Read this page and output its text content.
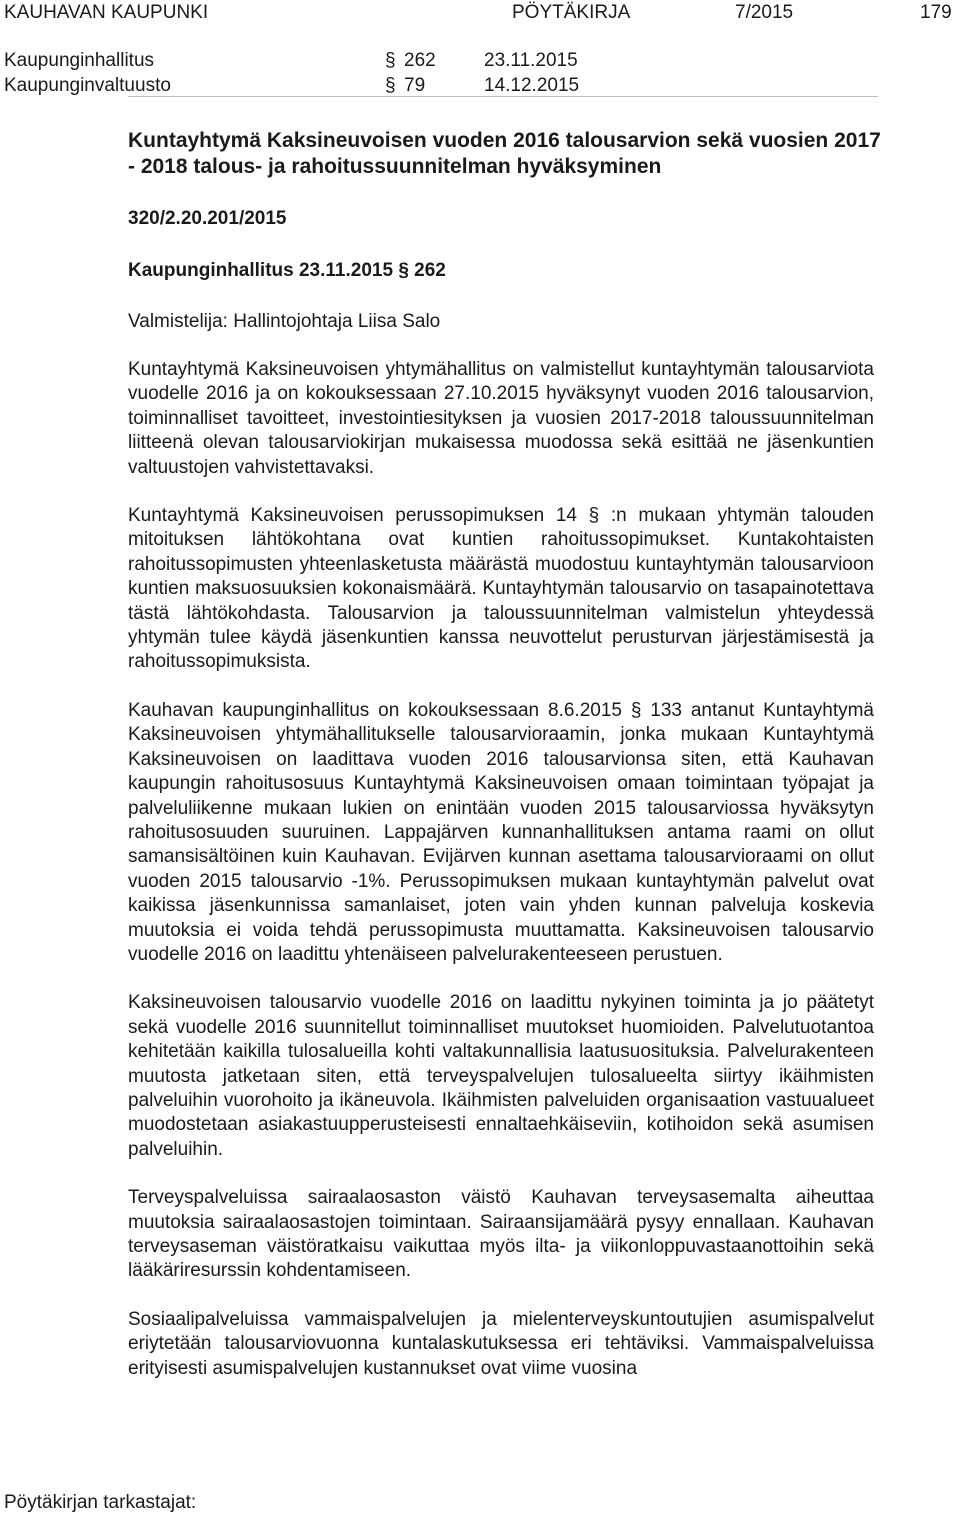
KAUHAVAN KAUPUNKI	PÖYTÄKIRJA	7/2015	179
Kaupunginhallitus	§ 262	23.11.2015
Kaupunginvaltuusto	§ 79	14.12.2015
Kuntayhtymä Kaksineuvoisen vuoden 2016 talousarvion sekä vuosien 2017 - 2018 talous- ja rahoitussuunnitelman hyväksyminen
320/2.20.201/2015
Kaupunginhallitus 23.11.2015 § 262
Valmistelija: Hallintojohtaja Liisa Salo

Kuntayhtymä Kaksineuvoisen yhtymähallitus on valmistellut kuntayhtymän talousarviota vuodelle 2016 ja on kokouksessaan 27.10.2015 hyväksynyt vuoden 2016 talousarvion, toiminnalliset tavoitteet, investointiesityksen ja vuosien 2017-2018 taloussuunnitelman liitteenä olevan talousarviokirjan mukaisessa muodossa sekä esittää ne jäsenkuntien valtuustojen vahvistettavaksi.

Kuntayhtymä Kaksineuvoisen perussopimuksen 14 § :n mukaan yhtymän talouden mitoituksen lähtökohtana ovat kuntien rahoitussopimukset. Kuntakohtaisten rahoitussopimusten yhteenlasketusta määrästä muodostuu kuntayhtymän talousarvioon kuntien maksuosuuksien kokonaismäärä. Kuntayhtymän talousarvio on tasapainotettava tästä lähtökohdasta. Talousarvion ja taloussuunnitelman valmistelun yhteydessä yhtymän tulee käydä jäsenkuntien kanssa neuvottelut perusturvan järjestämisestä ja rahoitussopimuksista.

Kauhavan kaupunginhallitus on kokouksessaan 8.6.2015 § 133 antanut Kuntayhtymä Kaksineuvoisen yhtymähallitukselle talousarvioraamin, jonka mukaan Kuntayhtymä Kaksineuvoisen on laadittava vuoden 2016 talousarvionsa siten, että Kauhavan kaupungin rahoitusosuus Kuntayhtymä Kaksineuvoisen omaan toimintaan työpajat ja palveluliikenne mukaan lukien on enintään vuoden 2015 talousarviossa hyväksytyn rahoitusosuuden suuruinen. Lappajärven kunnanhallituksen antama raami on ollut samansisältöinen kuin Kauhavan. Evijärven kunnan asettama talousarvioraami on ollut vuoden 2015 talousarvio -1%. Perussopimuksen mukaan kuntayhtymän palvelut ovat kaikissa jäsenkunnissa samanlaiset, joten vain yhden kunnan palveluja koskevia muutoksia ei voida tehdä perussopimusta muuttamatta. Kaksineuvoisen talousarvio vuodelle 2016 on laadittu yhtenäiseen palvelurakenteeseen perustuen.

Kaksineuvoisen talousarvio vuodelle 2016 on laadittu nykyinen toiminta ja jo päätetyt sekä vuodelle 2016 suunnitellut toiminnalliset muutokset huomioiden. Palvelutuotantoa kehitetään kaikilla tulosalueilla kohti valtakunnallisia laatusuosituksia. Palvelurakenteen muutosta jatketaan siten, että terveyspalvelujen tulosalueelta siirtyy ikäihmisten palveluihin vuorohoito ja ikäneuvola. Ikäihmisten palveluiden organisaation vastuualueet muodostetaan asiakastuupperusteisesti ennaltaehkäiseviin, kotihoidon sekä asumisen palveluihin.

Terveyspalveluissa sairaalaosaston väistö Kauhavan terveysasemalta aiheuttaa muutoksia sairaalaosastojen toimintaan. Sairaansijamäärä pysyy ennallaan. Kauhavan terveysaseman väistöratkaisu vaikuttaa myös ilta- ja viikonloppuvastaanottoihin sekä lääkäriresurssin kohdentamiseen.

Sosiaalipalveluissa vammaispalvelujen ja mielenterveyskuntoutujien asumispalvelut eriytetään talousarviovuonna kuntalaskutuksessa eri tehtäviksi. Vammaispalveluissa erityisesti asumispalvelujen kustannukset ovat viime vuosina

Pöytäkirjan tarkastajat:
